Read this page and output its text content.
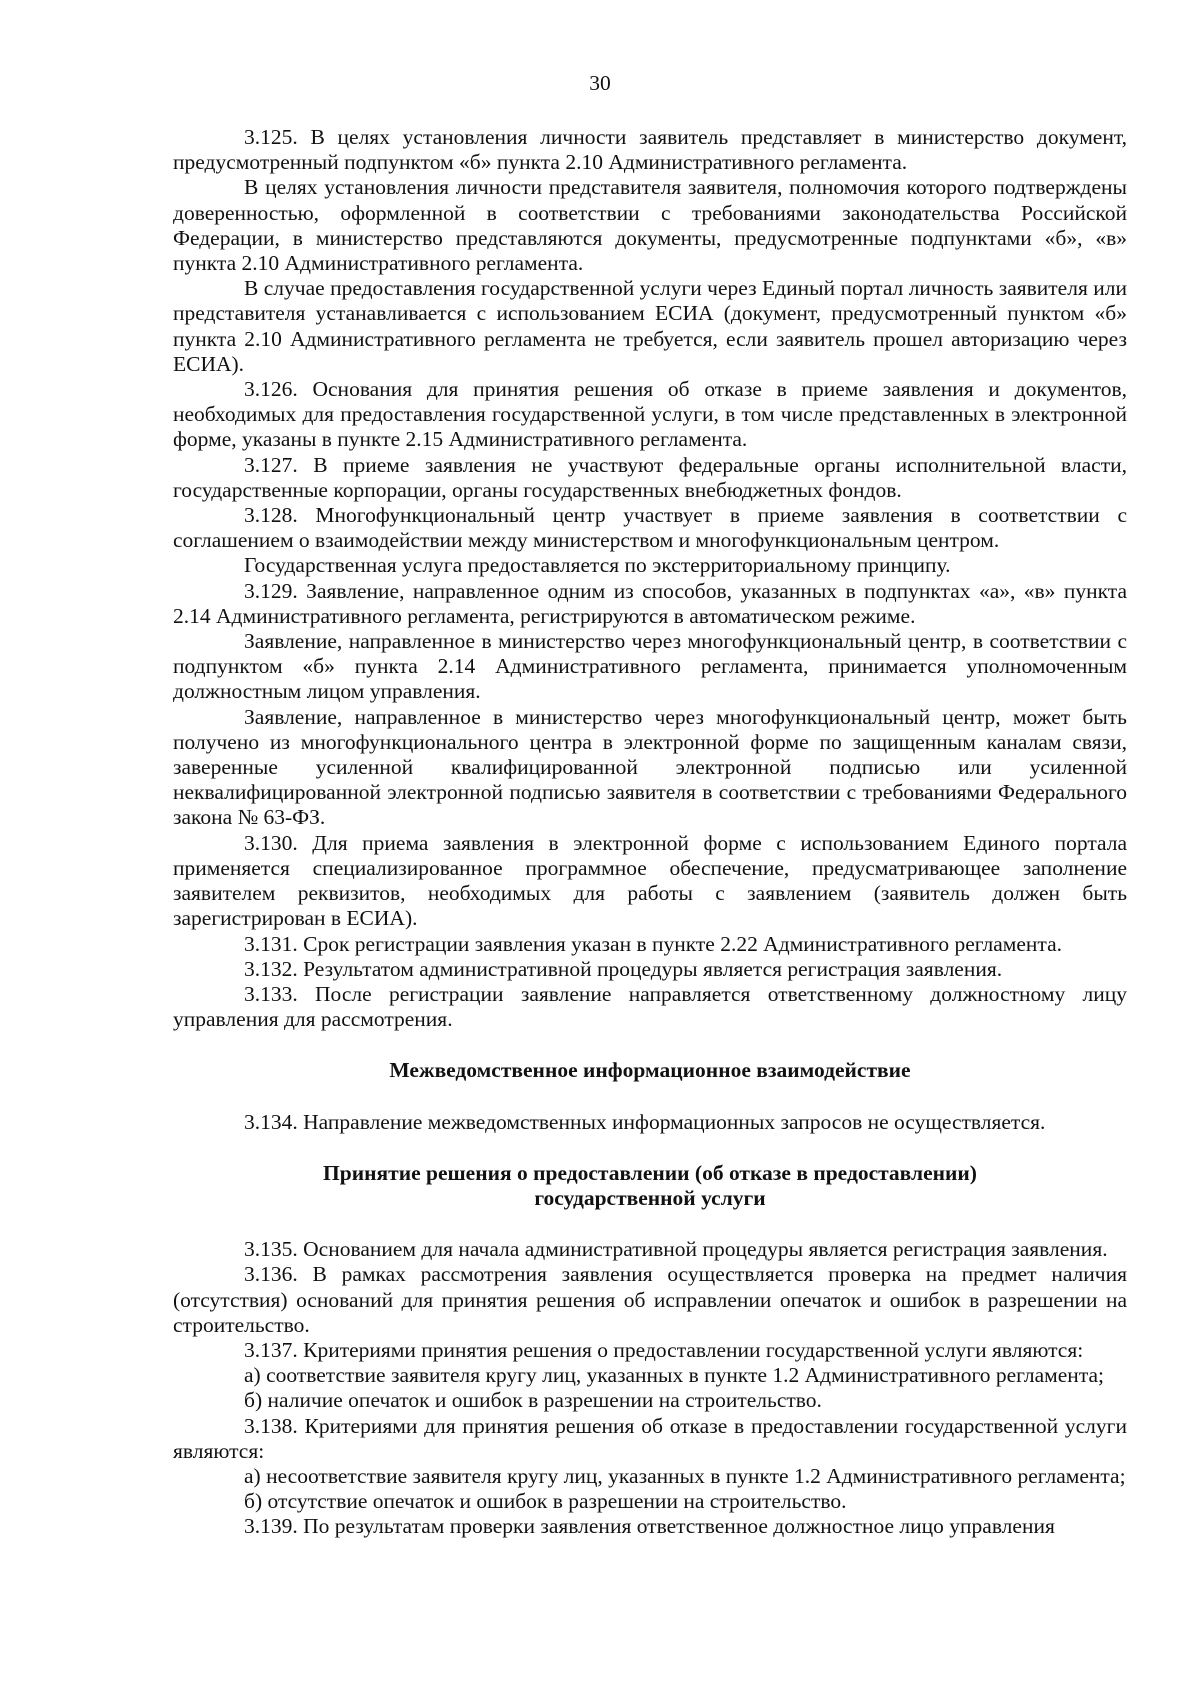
30

3.125. В целях установления личности заявитель представляет в министерство документ, предусмотренный подпунктом «б» пункта 2.10 Административного регламента.

В целях установления личности представителя заявителя, полномочия которого подтверждены доверенностью, оформленной в соответствии с требованиями законодательства Российской Федерации, в министерство представляются документы, предусмотренные подпунктами «б», «в» пункта 2.10 Административного регламента.

В случае предоставления государственной услуги через Единый портал личность заявителя или представителя устанавливается с использованием ЕСИА (документ, предусмотренный пунктом «б» пункта 2.10 Административного регламента не требуется, если заявитель прошел авторизацию через ЕСИА).

3.126. Основания для принятия решения об отказе в приеме заявления и документов, необходимых для предоставления государственной услуги, в том числе представленных в электронной форме, указаны в пункте 2.15 Административного регламента.

3.127. В приеме заявления не участвуют федеральные органы исполнительной власти, государственные корпорации, органы государственных внебюджетных фондов.

3.128. Многофункциональный центр участвует в приеме заявления в соответствии с соглашением о взаимодействии между министерством и многофункциональным центром.

Государственная услуга предоставляется по экстерриториальному принципу.

3.129. Заявление, направленное одним из способов, указанных в подпунктах «а», «в» пункта 2.14 Административного регламента, регистрируются в автоматическом режиме.

Заявление, направленное в министерство через многофункциональный центр, в соответствии с подпунктом «б» пункта 2.14 Административного регламента, принимается уполномоченным должностным лицом управления.

Заявление, направленное в министерство через многофункциональный центр, может быть получено из многофункционального центра в электронной форме по защищенным каналам связи, заверенные усиленной квалифицированной электронной подписью или усиленной неквалифицированной электронной подписью заявителя в соответствии с требованиями Федерального закона № 63-ФЗ.

3.130. Для приема заявления в электронной форме с использованием Единого портала применяется специализированное программное обеспечение, предусматривающее заполнение заявителем реквизитов, необходимых для работы с заявлением (заявитель должен быть зарегистрирован в ЕСИА).

3.131. Срок регистрации заявления указан в пункте 2.22 Административного регламента.

3.132. Результатом административной процедуры является регистрация заявления.

3.133. После регистрации заявление направляется ответственному должностному лицу управления для рассмотрения.

Межведомственное информационное взаимодействие

3.134. Направление межведомственных информационных запросов не осуществляется.

Принятие решения о предоставлении (об отказе в предоставлении)
государственной услуги

3.135. Основанием для начала административной процедуры является регистрация заявления.

3.136. В рамках рассмотрения заявления осуществляется проверка на предмет наличия (отсутствия) оснований для принятия решения об исправлении опечаток и ошибок в разрешении на строительство.

3.137. Критериями принятия решения о предоставлении государственной услуги являются:

а) соответствие заявителя кругу лиц, указанных в пункте 1.2 Административного регламента;

б) наличие опечаток и ошибок в разрешении на строительство.

3.138. Критериями для принятия решения об отказе в предоставлении государственной услуги являются:

а) несоответствие заявителя кругу лиц, указанных в пункте 1.2 Административного регламента;

б) отсутствие опечаток и ошибок в разрешении на строительство.

3.139. По результатам проверки заявления ответственное должностное лицо управления
